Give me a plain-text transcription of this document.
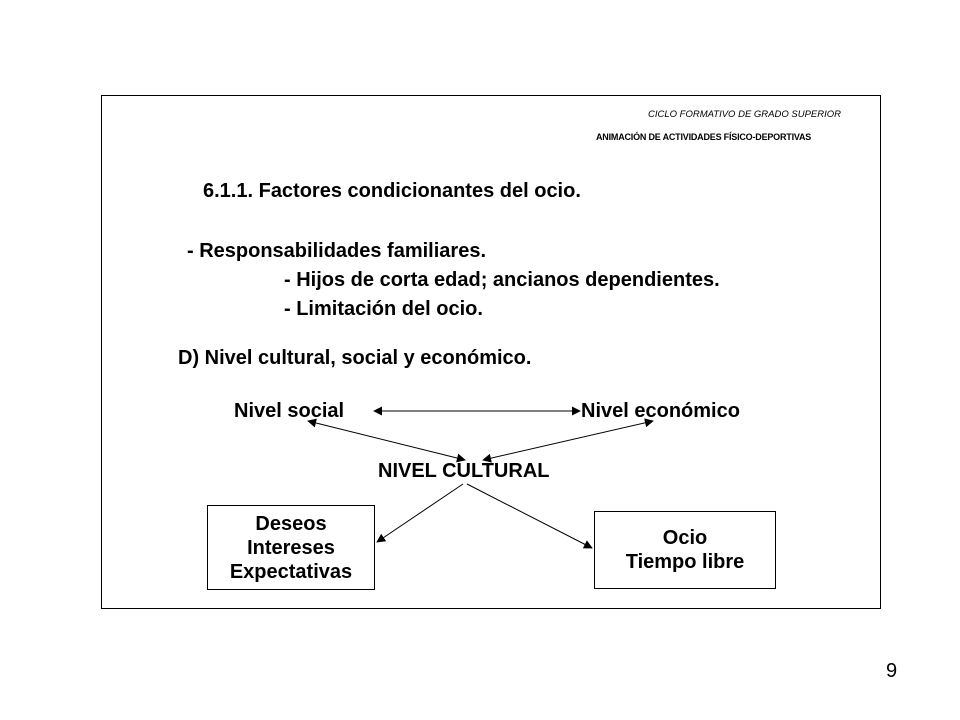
CICLO FORMATIVO DE GRADO SUPERIOR
ANIMACIÓN DE ACTIVIDADES FÍSICO-DEPORTIVAS
6.1.1. Factores condicionantes del ocio.
- Responsabilidades familiares.
- Hijos de corta edad; ancianos dependientes.
- Limitación del ocio.
D) Nivel cultural, social y económico.
Nivel social	Nivel económico
NIVEL CULTURAL
Deseos
Intereses
Expectativas
Ocio
Tiempo libre
9
